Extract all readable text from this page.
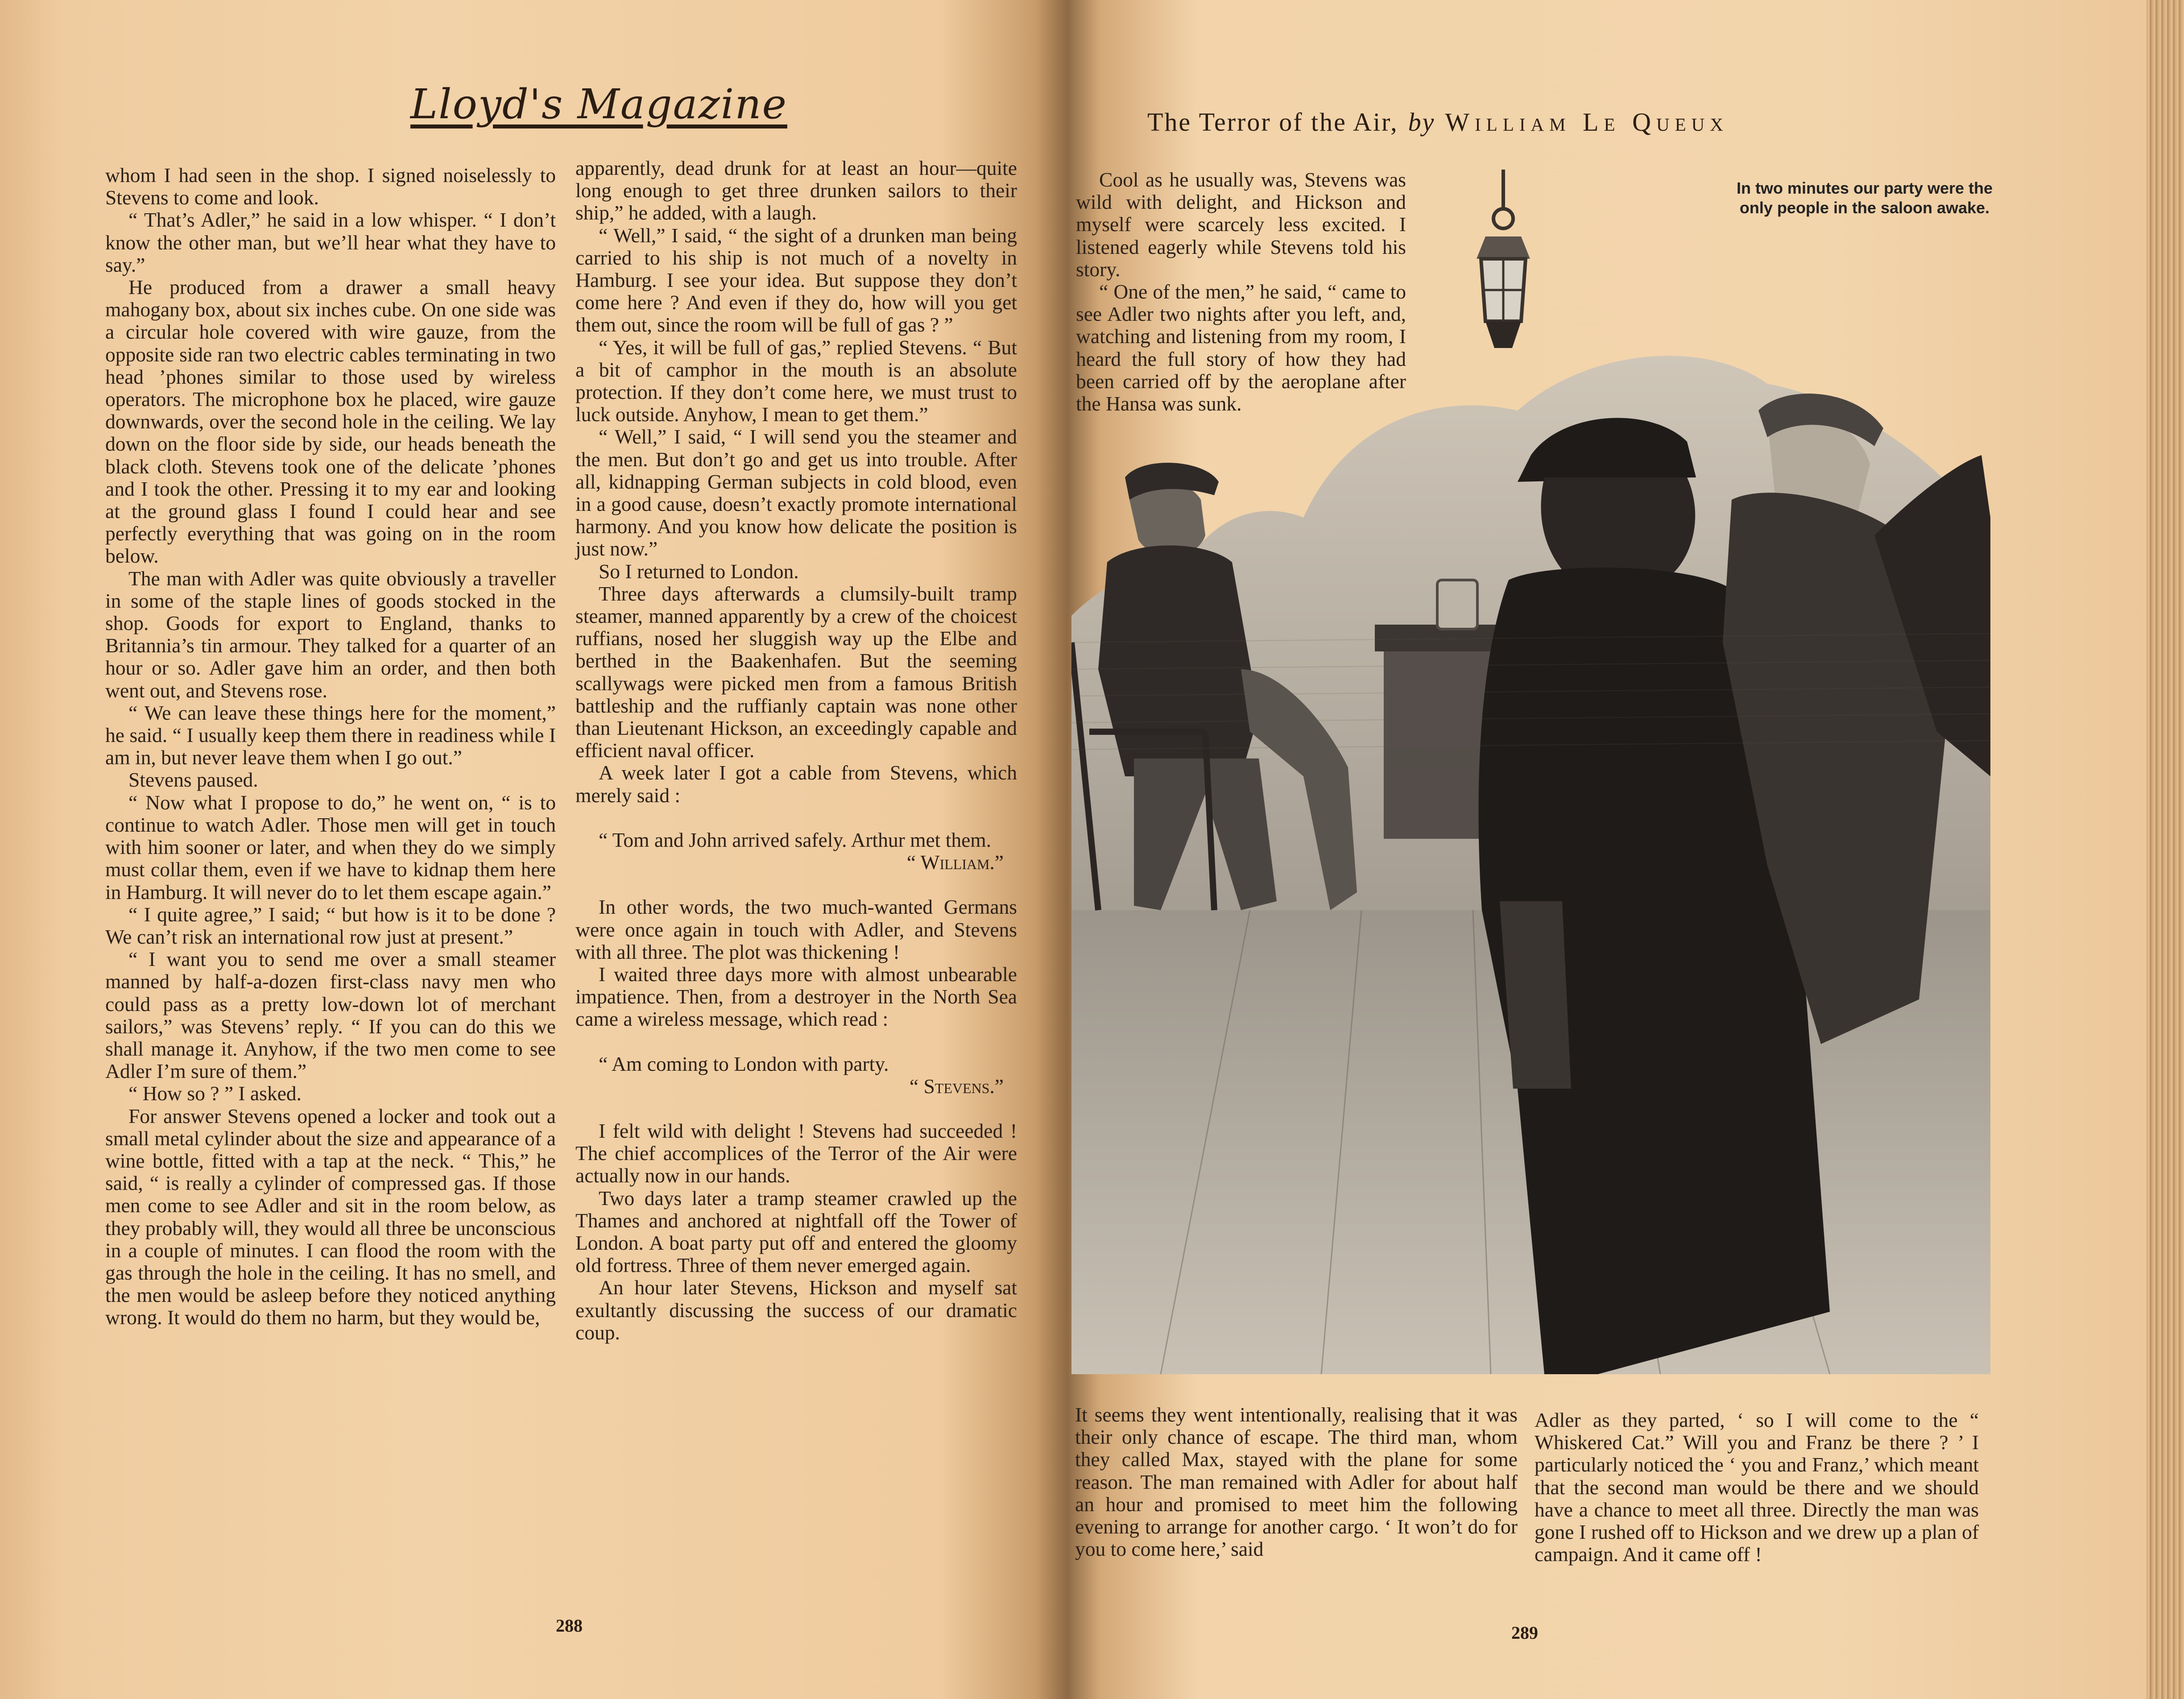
Lloyd's Magazine

whom I had seen in the shop. I signed noiselessly to Stevens to come and look.

“ That’s Adler,” he said in a low whisper. “ I don’t know the other man, but we’ll hear what they have to say.”

He produced from a drawer a small heavy mahogany box, about six inches cube. On one side was a circular hole covered with wire gauze, from the opposite side ran two electric cables terminating in two head ’phones similar to those used by wireless operators. The microphone box he placed, wire gauze downwards, over the second hole in the ceiling. We lay down on the floor side by side, our heads beneath the black cloth. Stevens took one of the delicate ’phones and I took the other. Pressing it to my ear and looking at the ground glass I found I could hear and see perfectly everything that was going on in the room below.

The man with Adler was quite obviously a traveller in some of the staple lines of goods stocked in the shop. Goods for export to England, thanks to Britannia’s tin armour. They talked for a quarter of an hour or so. Adler gave him an order, and then both went out, and Stevens rose.

“ We can leave these things here for the moment,” he said. “ I usually keep them there in readiness while I am in, but never leave them when I go out.”

Stevens paused.

“ Now what I propose to do,” he went on, “ is to continue to watch Adler. Those men will get in touch with him sooner or later, and when they do we simply must collar them, even if we have to kidnap them here in Hamburg. It will never do to let them escape again.”

“ I quite agree,” I said; “ but how is it to be done ? We can’t risk an international row just at present.”

“ I want you to send me over a small steamer manned by half-a-dozen first-class navy men who could pass as a pretty low-down lot of merchant sailors,” was Stevens’ reply. “ If you can do this we shall manage it. Anyhow, if the two men come to see Adler I’m sure of them.”

“ How so ? ” I asked.

For answer Stevens opened a locker and took out a small metal cylinder about the size and appearance of a wine bottle, fitted with a tap at the neck. “ This,” he said, “ is really a cylinder of compressed gas. If those men come to see Adler and sit in the room below, as they probably will, they would all three be unconscious in a couple of minutes. I can flood the room with the gas through the hole in the ceiling. It has no smell, and the men would be asleep before they noticed anything wrong. It would do them no harm, but they would be,

apparently, dead drunk for at least an hour—quite long enough to get three drunken sailors to their ship,” he added, with a laugh.

“ Well,” I said, “ the sight of a drunken man being carried to his ship is not much of a novelty in Hamburg. I see your idea. But suppose they don’t come here ? And even if they do, how will you get them out, since the room will be full of gas ? ”

“ Yes, it will be full of gas,” replied Stevens. “ But a bit of camphor in the mouth is an absolute protection. If they don’t come here, we must trust to luck outside. Anyhow, I mean to get them.”

“ Well,” I said, “ I will send you the steamer and the men. But don’t go and get us into trouble. After all, kidnapping German subjects in cold blood, even in a good cause, doesn’t exactly promote international harmony. And you know how delicate the position is just now.”

So I returned to London.

Three days afterwards a clumsily-built tramp steamer, manned apparently by a crew of the choicest ruffians, nosed her sluggish way up the Elbe and berthed in the Baakenhafen. But the seeming scallywags were picked men from a famous British battleship and the ruffianly captain was none other than Lieutenant Hickson, an exceedingly capable and efficient naval officer.

A week later I got a cable from Stevens, which merely said :

“ Tom and John arrived safely. Arthur met them.

“ William.”

In other words, the two much-wanted Germans were once again in touch with Adler, and Stevens with all three. The plot was thickening !

I waited three days more with almost unbearable impatience. Then, from a destroyer in the North Sea came a wireless message, which read :

“ Am coming to London with party.

“ Stevens.”

I felt wild with delight ! Stevens had succeeded ! The chief accomplices of the Terror of the Air were actually now in our hands.

Two days later a tramp steamer crawled up the Thames and anchored at nightfall off the Tower of London. A boat party put off and entered the gloomy old fortress. Three of them never emerged again.

An hour later Stevens, Hickson and myself sat exultantly discussing the success of our dramatic coup.

288
The Terror of the Air, by William Le Queux

Cool as he usually was, Stevens was wild with delight, and Hickson and myself were scarcely less excited. I listened eagerly while Stevens told his story.

“ One of the men,” he said, “ came to see Adler two nights after you left, and, watching and listening from my room, I heard the full story of how they had been carried off by the aeroplane after the Hansa was sunk.

It seems they went intentionally, realising that it was their only chance of escape. The third man, whom they called Max, stayed with the plane for some reason. The man remained with Adler for about half an hour and promised to meet him the following evening to arrange for another cargo. ‘ It won’t do for you to come here,’ said

Adler as they parted, ‘ so I will come to the “ Whiskered Cat.” Will you and Franz be there ? ’ I particularly noticed the ‘ you and Franz,’ which meant that the second man would be there and we should have a chance to meet all three. Directly the man was gone I rushed off to Hickson and we drew up a plan of campaign. And it came off !

289
In two minutes our party were the only people in the saloon awake.
